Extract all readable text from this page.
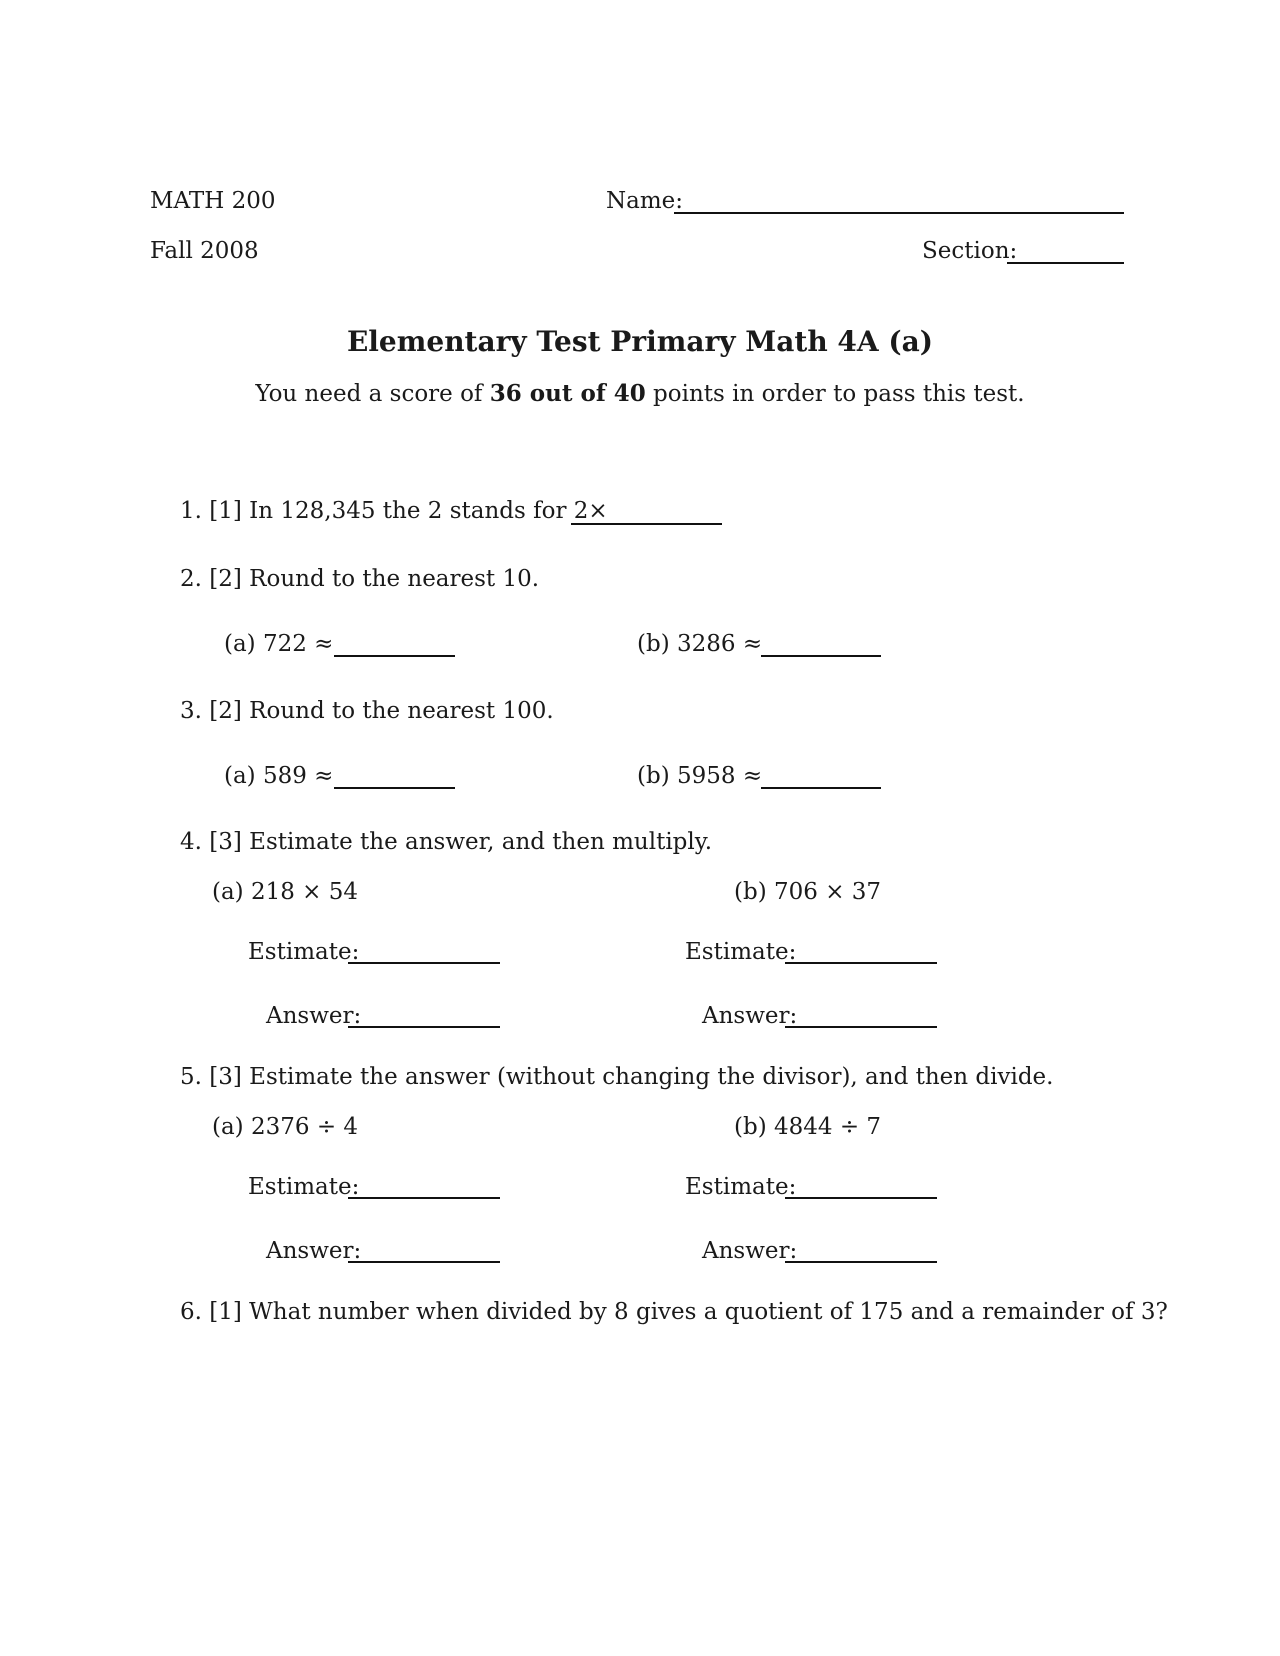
MATH 200
Fall 2008
Name:
Section:
Elementary Test Primary Math 4A (a)
You need a score of 36 out of 40 points in order to pass this test.
1. [1] In 128,345 the 2 stands for 2×
2. [2] Round to the nearest 10.
(a) 722 ≈	(b) 3286 ≈
3. [2] Round to the nearest 100.
(a) 589 ≈	(b) 5958 ≈
4. [3] Estimate the answer, and then multiply.
(a) 218 × 54	(b) 706 × 37
Estimate:	Estimate:
Answer:	Answer:
5. [3] Estimate the answer (without changing the divisor), and then divide.
(a) 2376 ÷ 4	(b) 4844 ÷ 7
Estimate:	Estimate:
Answer:	Answer:
6. [1] What number when divided by 8 gives a quotient of 175 and a remainder of 3?
